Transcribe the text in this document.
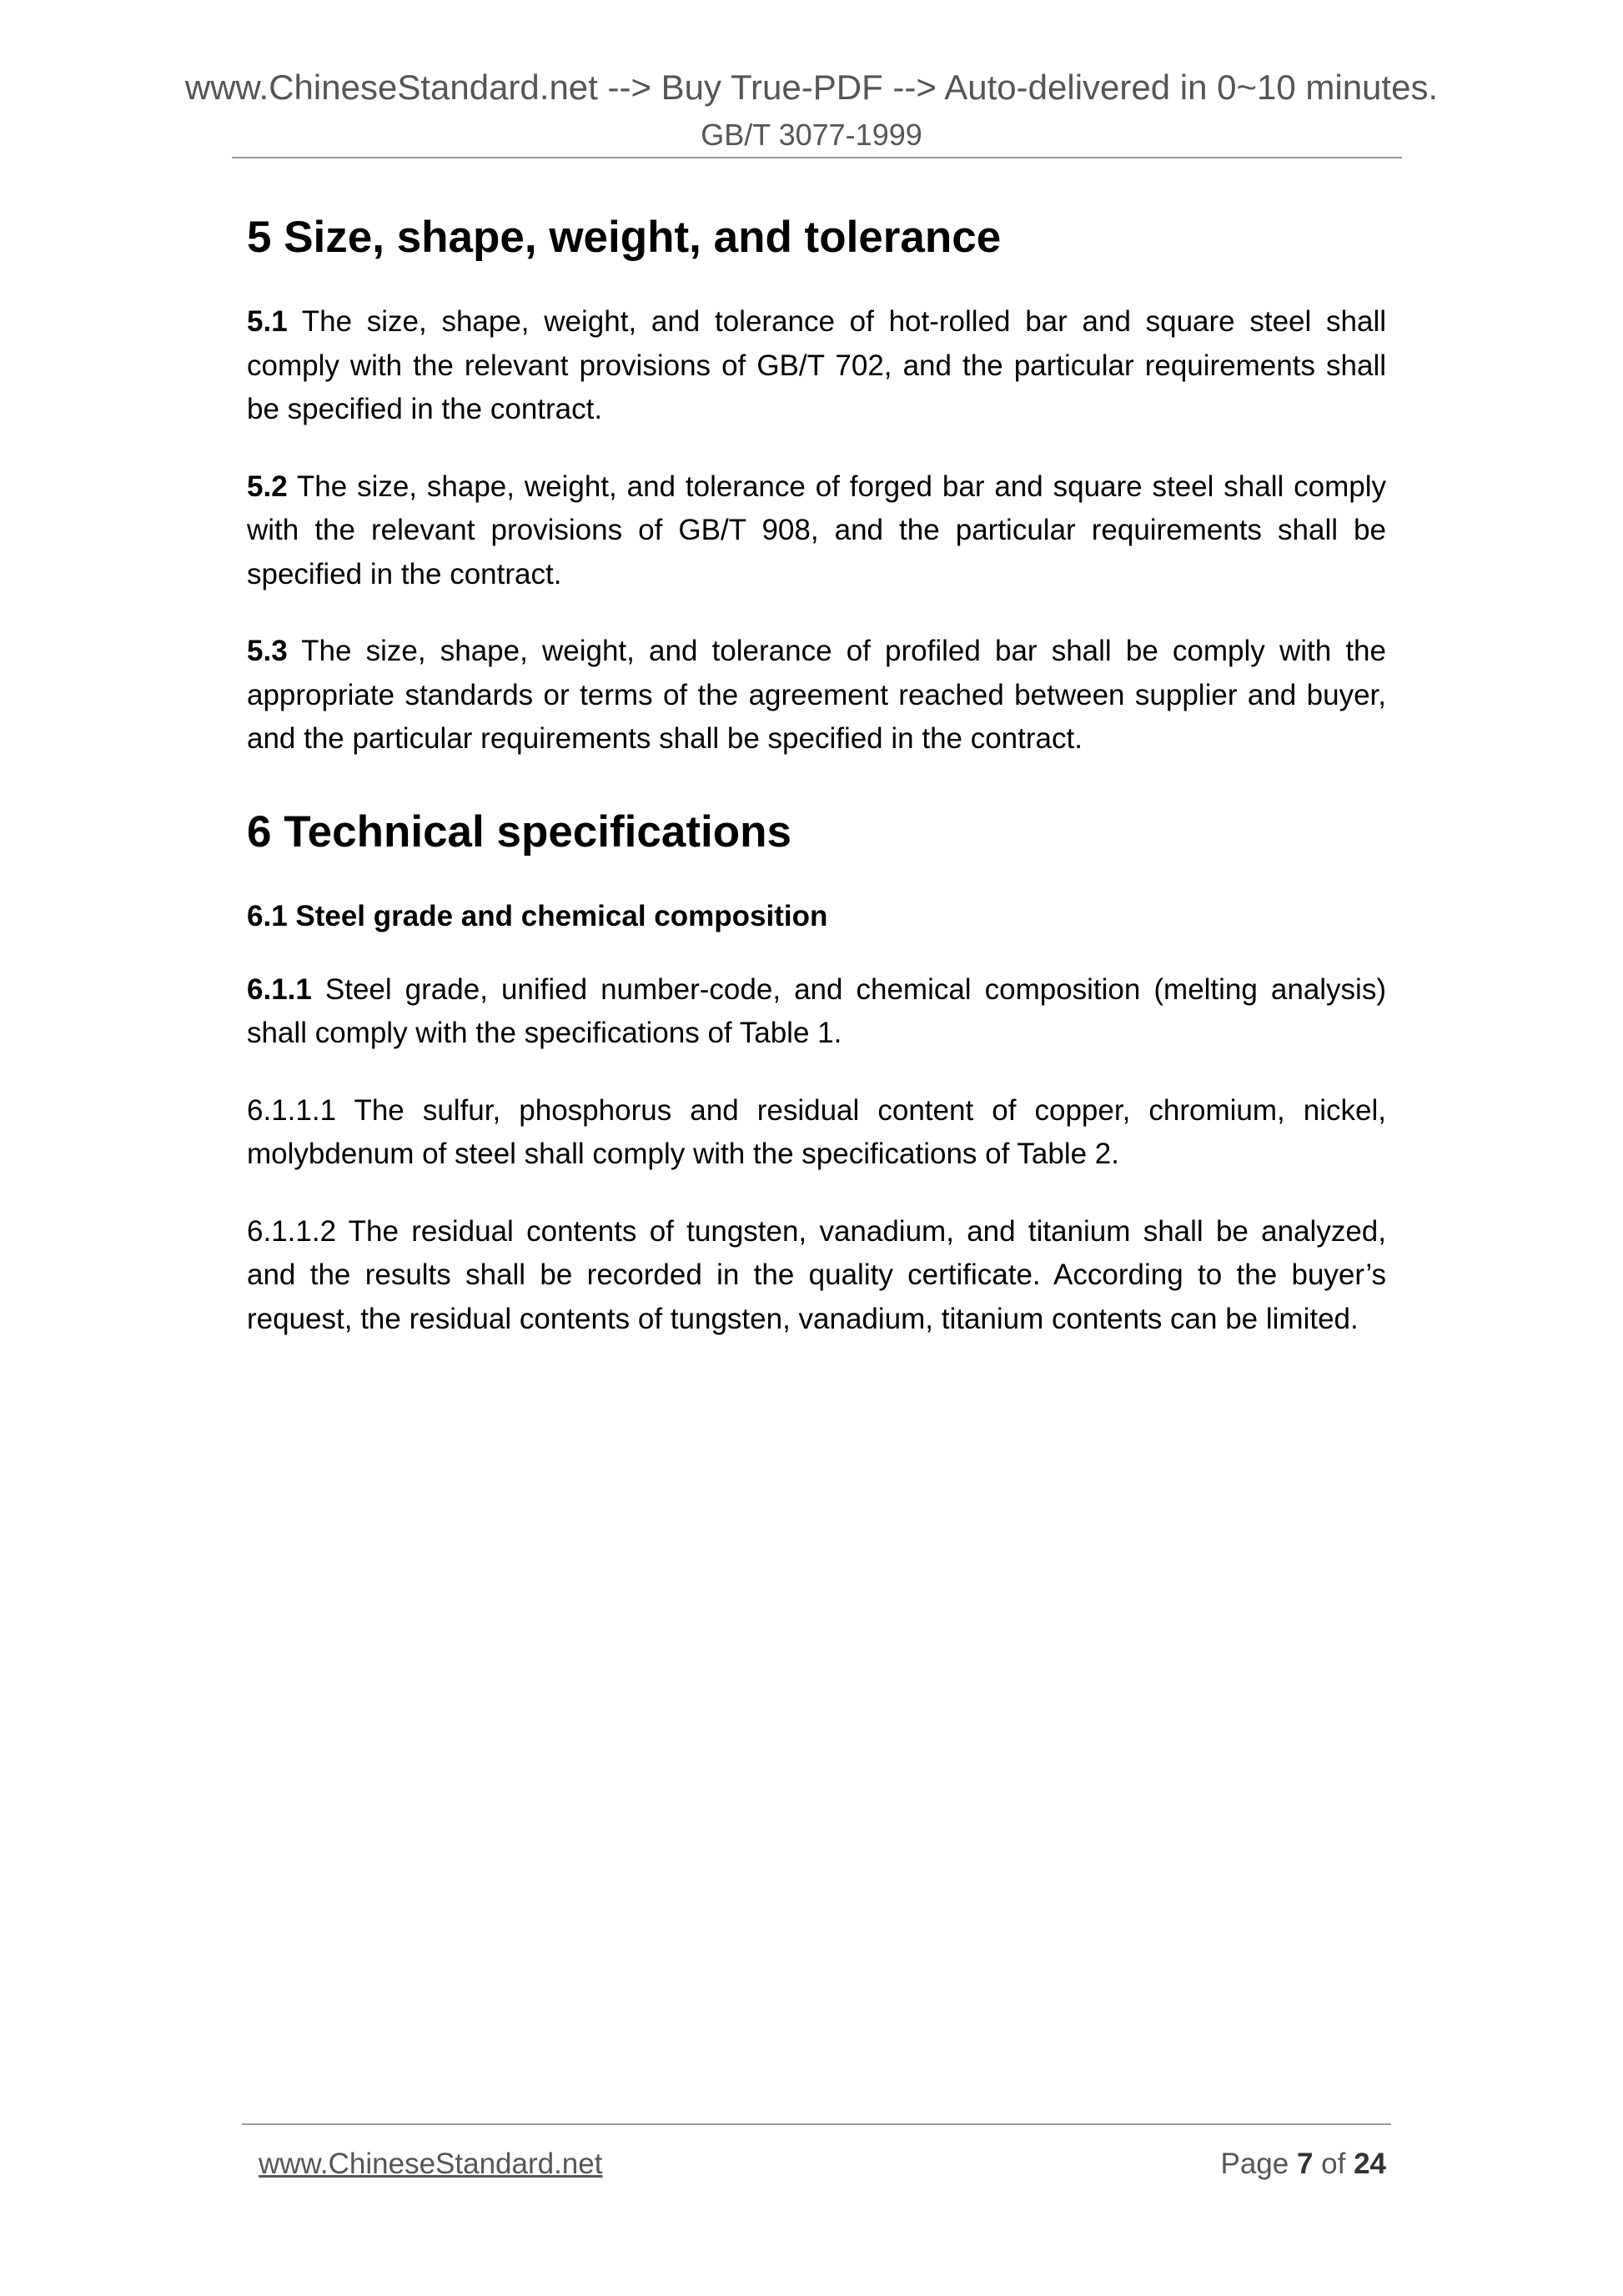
www.ChineseStandard.net --> Buy True-PDF --> Auto-delivered in 0~10 minutes.
GB/T 3077-1999
5 Size, shape, weight, and tolerance

5.1 The size, shape, weight, and tolerance of hot-rolled bar and square steel shall comply with the relevant provisions of GB/T 702, and the particular requirements shall be specified in the contract.

5.2 The size, shape, weight, and tolerance of forged bar and square steel shall comply with the relevant provisions of GB/T 908, and the particular requirements shall be specified in the contract.

5.3 The size, shape, weight, and tolerance of profiled bar shall be comply with the appropriate standards or terms of the agreement reached between supplier and buyer, and the particular requirements shall be specified in the contract.

6 Technical specifications
6.1 Steel grade and chemical composition

6.1.1 Steel grade, unified number-code, and chemical composition (melting analysis) shall comply with the specifications of Table 1.

6.1.1.1 The sulfur, phosphorus and residual content of copper, chromium, nickel, molybdenum of steel shall comply with the specifications of Table 2.

6.1.1.2 The residual contents of tungsten, vanadium, and titanium shall be analyzed, and the results shall be recorded in the quality certificate. According to the buyer’s request, the residual contents of tungsten, vanadium, titanium contents can be limited.

www.ChineseStandard.net	Page 7 of 24
